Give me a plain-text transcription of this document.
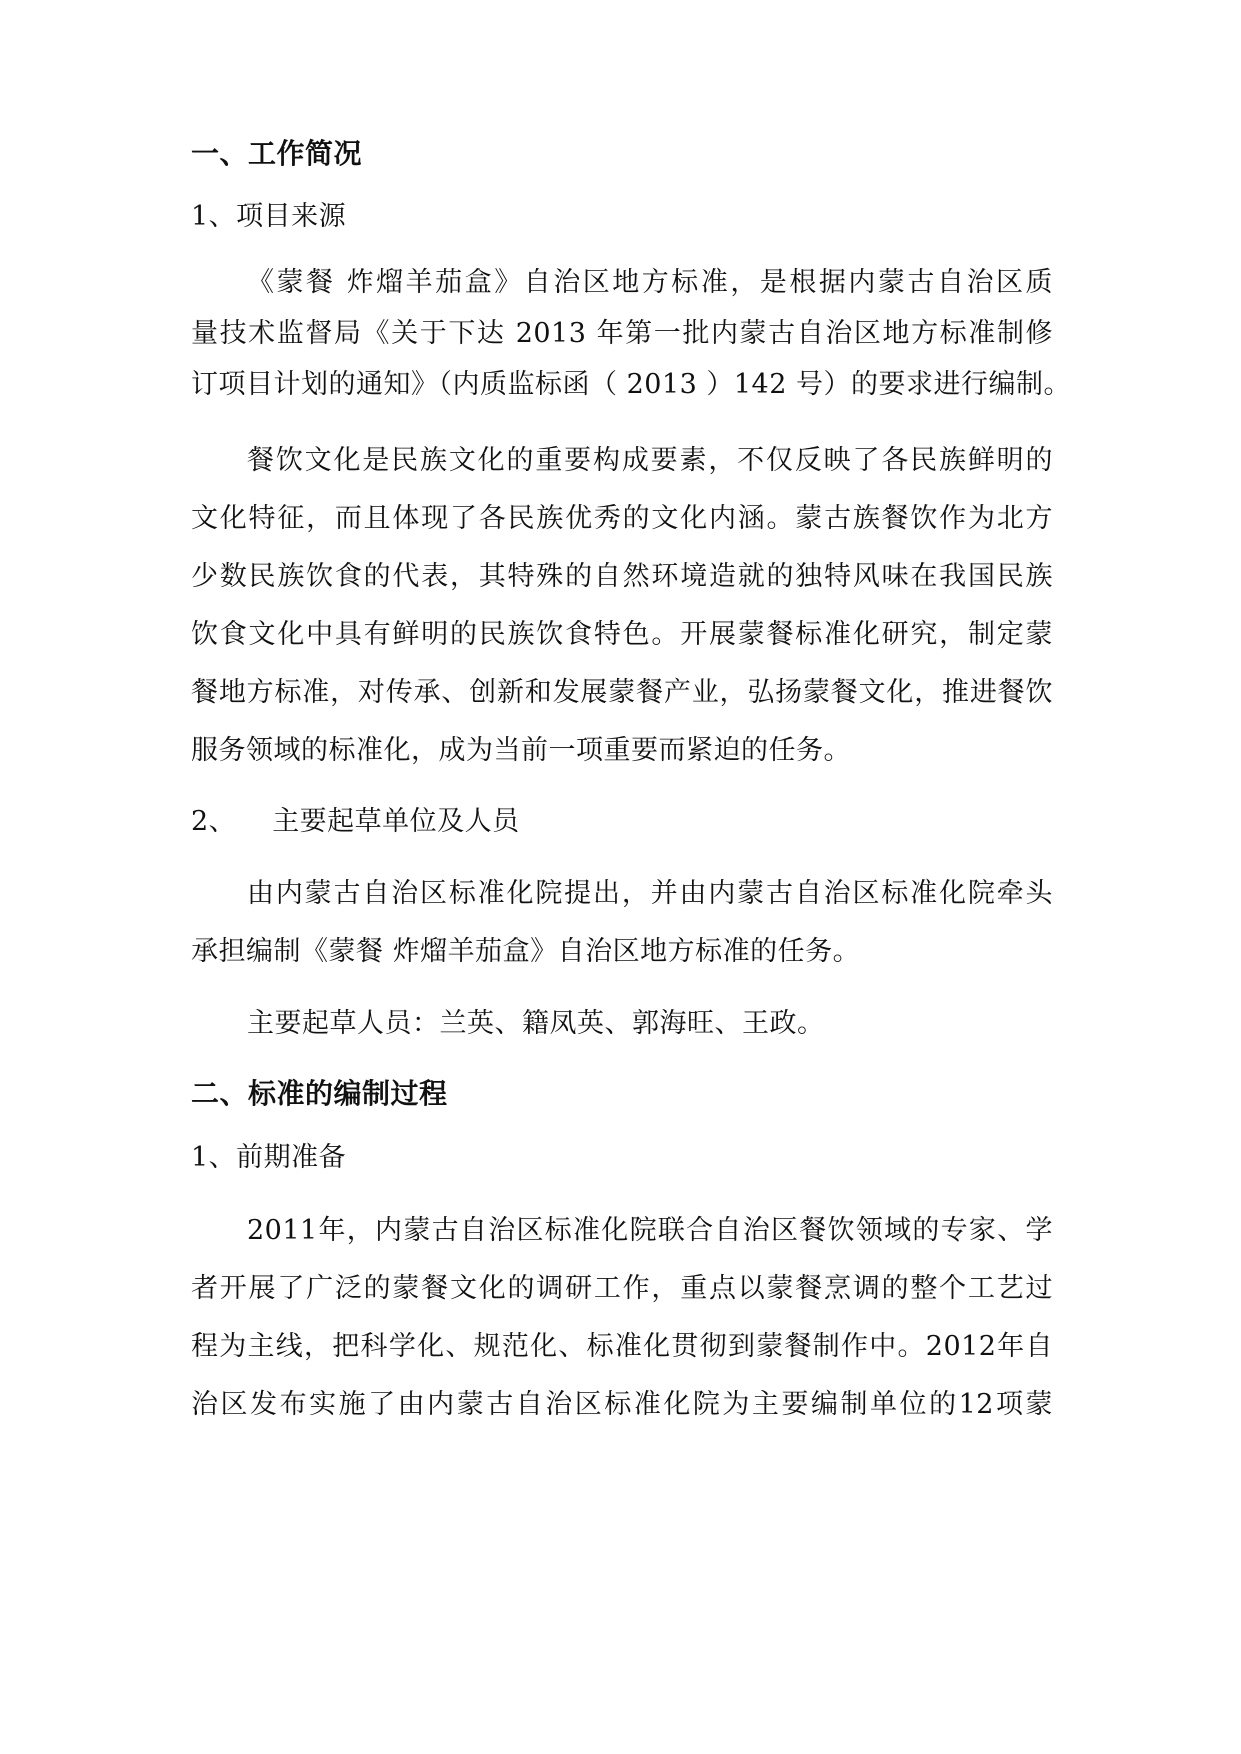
一、工作简况
1、项目来源
《蒙餐 炸熘羊茄盒》自治区地方标准，是根据内蒙古自治区质
量技术监督局《关于下达 2013 年第一批内蒙古自治区地方标准制修
订项目计划的通知》（内质监标函（ 2013 ）142 号）的要求进行编制。
餐饮文化是民族文化的重要构成要素，不仅反映了各民族鲜明的
文化特征，而且体现了各民族优秀的文化内涵。蒙古族餐饮作为北方
少数民族饮食的代表，其特殊的自然环境造就的独特风味在我国民族
饮食文化中具有鲜明的民族饮食特色。开展蒙餐标准化研究，制定蒙
餐地方标准，对传承、创新和发展蒙餐产业，弘扬蒙餐文化，推进餐饮
服务领域的标准化，成为当前一项重要而紧迫的任务。
2、 主要起草单位及人员
由内蒙古自治区标准化院提出，并由内蒙古自治区标准化院牵头
承担编制《蒙餐 炸熘羊茄盒》自治区地方标准的任务。
主要起草人员：兰英、籍凤英、郭海旺、王政。
二、标准的编制过程
1、前期准备
2011年，内蒙古自治区标准化院联合自治区餐饮领域的专家、学
者开展了广泛的蒙餐文化的调研工作，重点以蒙餐烹调的整个工艺过
程为主线，把科学化、规范化、标准化贯彻到蒙餐制作中。2012年自
治区发布实施了由内蒙古自治区标准化院为主要编制单位的12项蒙
